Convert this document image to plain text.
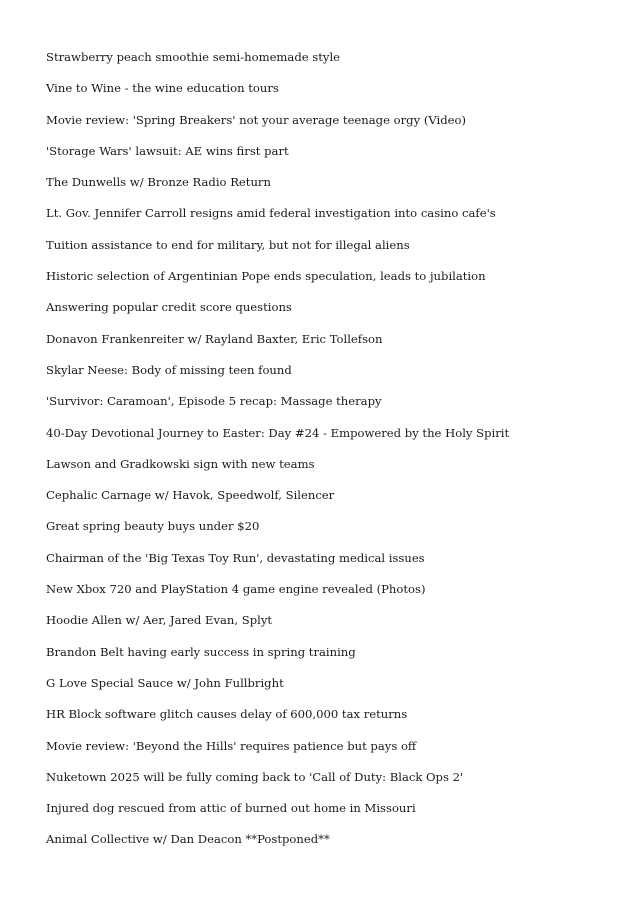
Strawberry peach smoothie semi-homemade style
Vine to Wine - the wine education tours
Movie review: 'Spring Breakers' not your average teenage orgy (Video)
'Storage Wars' lawsuit: AE wins first part
The Dunwells w/ Bronze Radio Return
Lt. Gov. Jennifer Carroll resigns amid federal investigation into casino cafe's
Tuition assistance to end for military, but not for illegal aliens
Historic selection of Argentinian Pope ends speculation, leads to jubilation
Answering popular credit score questions
Donavon Frankenreiter w/ Rayland Baxter, Eric Tollefson
Skylar Neese: Body of missing teen found
'Survivor: Caramoan', Episode 5 recap: Massage therapy
40-Day Devotional Journey to Easter: Day #24 - Empowered by the Holy Spirit
Lawson and Gradkowski sign with new teams
Cephalic Carnage w/ Havok, Speedwolf, Silencer
Great spring beauty buys under $20
Chairman of the 'Big Texas Toy Run', devastating medical issues
New Xbox 720 and PlayStation 4 game engine revealed (Photos)
Hoodie Allen w/ Aer, Jared Evan, Splyt
Brandon Belt having early success in spring training
G Love Special Sauce w/ John Fullbright
HR Block software glitch causes delay of 600,000 tax returns
Movie review: 'Beyond the Hills' requires patience but pays off
Nuketown 2025 will be fully coming back to 'Call of Duty: Black Ops 2'
Injured dog rescued from attic of burned out home in Missouri
Animal Collective w/ Dan Deacon **Postponed**
